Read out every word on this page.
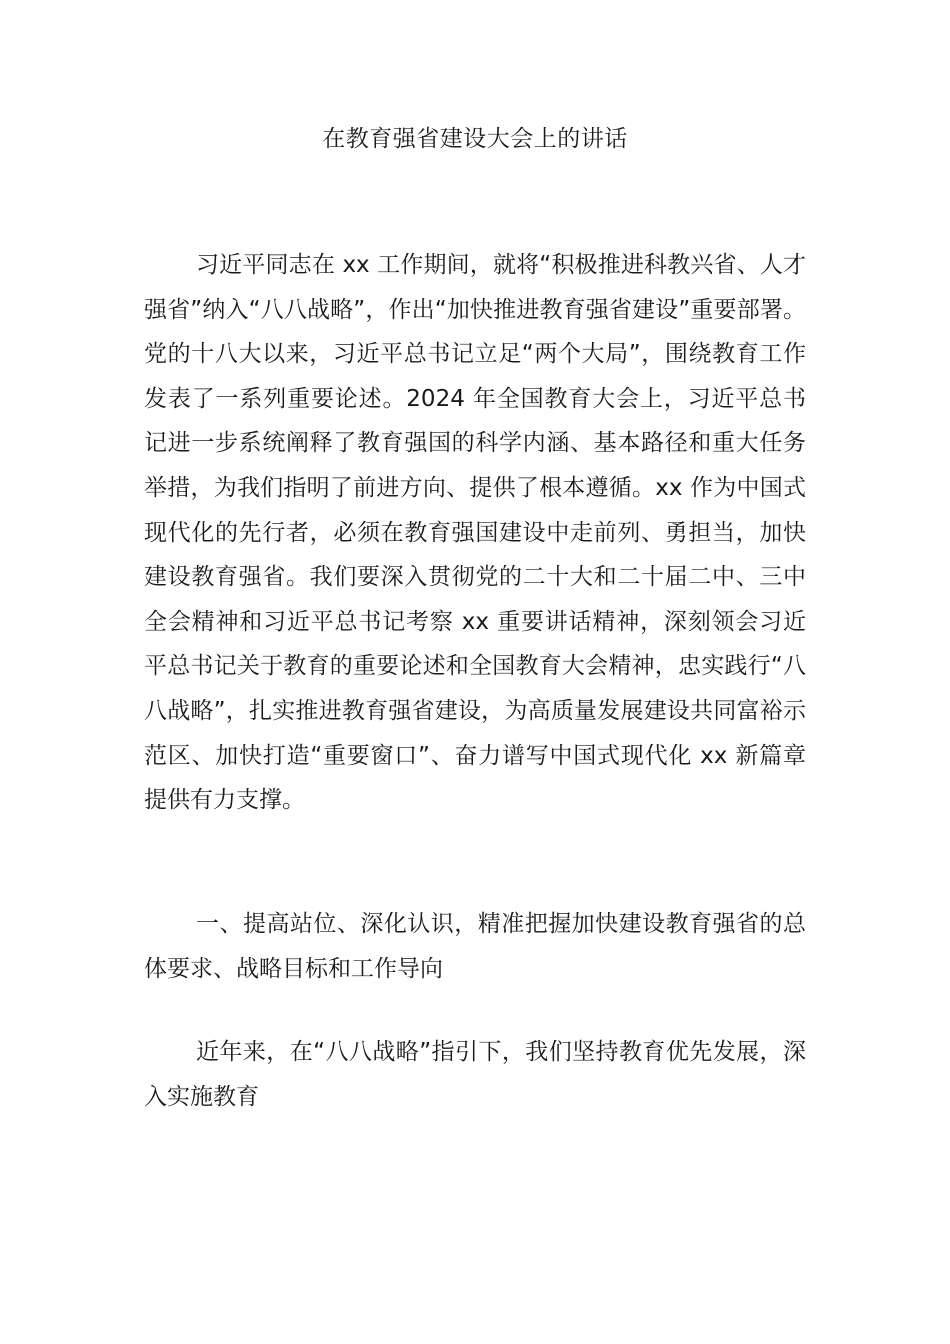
在教育强省建设大会上的讲话

习近平同志在 xx 工作期间，就将“积极推进科教兴省、人才强省”纳入“八八战略”，作出“加快推进教育强省建设”重要部署。党的十八大以来，习近平总书记立足“两个大局”，围绕教育工作发表了一系列重要论述。2024 年全国教育大会上，习近平总书记进一步系统阐释了教育强国的科学内涵、基本路径和重大任务举措，为我们指明了前进方向、提供了根本遵循。xx 作为中国式现代化的先行者，必须在教育强国建设中走前列、勇担当，加快建设教育强省。我们要深入贯彻党的二十大和二十届二中、三中全会精神和习近平总书记考察 xx 重要讲话精神，深刻领会习近平总书记关于教育的重要论述和全国教育大会精神，忠实践行“八八战略”，扎实推进教育强省建设，为高质量发展建设共同富裕示范区、加快打造“重要窗口”、奋力谱写中国式现代化 xx 新篇章提供有力支撑。

一、提高站位、深化认识，精准把握加快建设教育强省的总体要求、战略目标和工作导向

近年来，在“八八战略”指引下，我们坚持教育优先发展，深入实施教育
